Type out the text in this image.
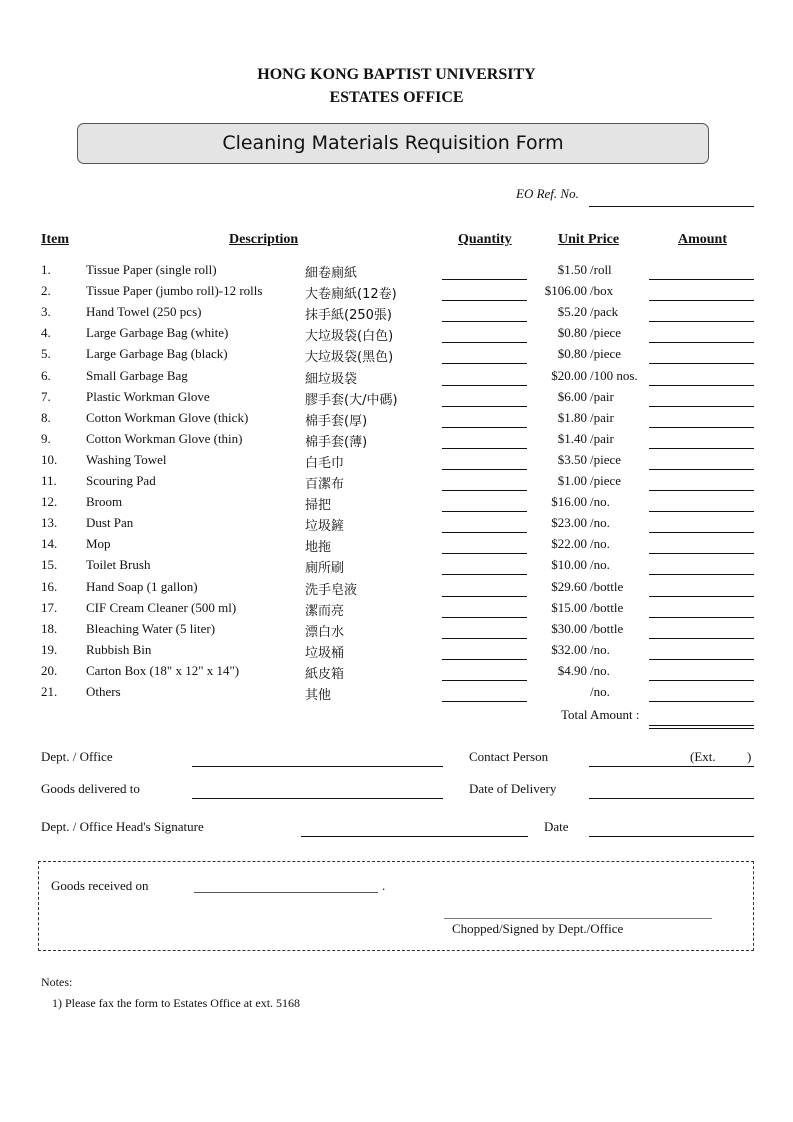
HONG KONG BAPTIST UNIVERSITY
ESTATES OFFICE
Cleaning Materials Requisition Form
EO Ref. No.
Item	Description	Quantity	Unit Price	Amount
1.	Tissue Paper (single roll)	細卷廁紙	$1.50 /roll
2.	Tissue Paper (jumbo roll)-12 rolls	大卷廁紙(12卷)	$106.00 /box
3.	Hand Towel (250 pcs)	抹手紙(250張)	$5.20 /pack
4.	Large Garbage Bag (white)	大垃圾袋(白色)	$0.80 /piece
5.	Large Garbage Bag (black)	大垃圾袋(黑色)	$0.80 /piece
6.	Small Garbage Bag	細垃圾袋	$20.00 /100 nos.
7.	Plastic Workman Glove	膠手套(大/中碼)	$6.00 /pair
8.	Cotton Workman Glove (thick)	棉手套(厚)	$1.80 /pair
9.	Cotton Workman Glove (thin)	棉手套(薄)	$1.40 /pair
10. Washing Towel	白毛巾	$3.50 /piece
11. Scouring Pad	百潔布	$1.00 /piece
12. Broom	掃把	$16.00 /no.
13. Dust Pan	垃圾鏟	$23.00 /no.
14. Mop	地拖	$22.00 /no.
15. Toilet Brush	廁所刷	$10.00 /no.
16. Hand Soap (1 gallon)	洗手皂液	$29.60 /bottle
17. CIF Cream Cleaner (500 ml)	潔而亮	$15.00 /bottle
18. Bleaching Water (5 liter)	漂白水	$30.00 /bottle
19. Rubbish Bin	垃圾桶	$32.00 /no.
20. Carton Box (18" x 12" x 14")	紙皮箱	$4.90 /no.
21. Others	其他	/no.
Total Amount :
Dept. / Office	Contact Person	(Ext. )
Goods delivered to	Date of Delivery
Dept. / Office Head's Signature	Date
Goods received on	.
Chopped/Signed by Dept./Office
Notes:
1) Please fax the form to Estates Office at ext. 5168
